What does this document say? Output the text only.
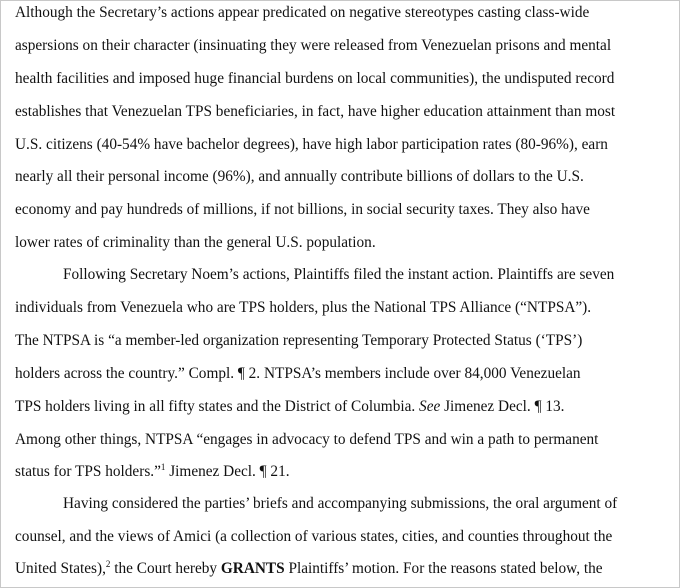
Although the Secretary’s actions appear predicated on negative stereotypes casting class-wide
aspersions on their character (insinuating they were released from Venezuelan prisons and mental
health facilities and imposed huge financial burdens on local communities), the undisputed record
establishes that Venezuelan TPS beneficiaries, in fact, have higher education attainment than most
U.S. citizens (40-54% have bachelor degrees), have high labor participation rates (80-96%), earn
nearly all their personal income (96%), and annually contribute billions of dollars to the U.S.
economy and pay hundreds of millions, if not billions, in social security taxes. They also have
lower rates of criminality than the general U.S. population.
Following Secretary Noem’s actions, Plaintiffs filed the instant action. Plaintiffs are seven
individuals from Venezuela who are TPS holders, plus the National TPS Alliance (“NTPSA”).
The NTPSA is “a member-led organization representing Temporary Protected Status (‘TPS’)
holders across the country.” Compl. ¶ 2. NTPSA’s members include over 84,000 Venezuelan
TPS holders living in all fifty states and the District of Columbia. See Jimenez Decl. ¶ 13.
Among other things, NTPSA “engages in advocacy to defend TPS and win a path to permanent
status for TPS holders.”$^1$ Jimenez Decl. ¶ 21.
Having considered the parties’ briefs and accompanying submissions, the oral argument of
counsel, and the views of Amici (a collection of various states, cities, and counties throughout the
United States),$^2$ the Court hereby GRANTS Plaintiffs’ motion. For the reasons stated below, the
